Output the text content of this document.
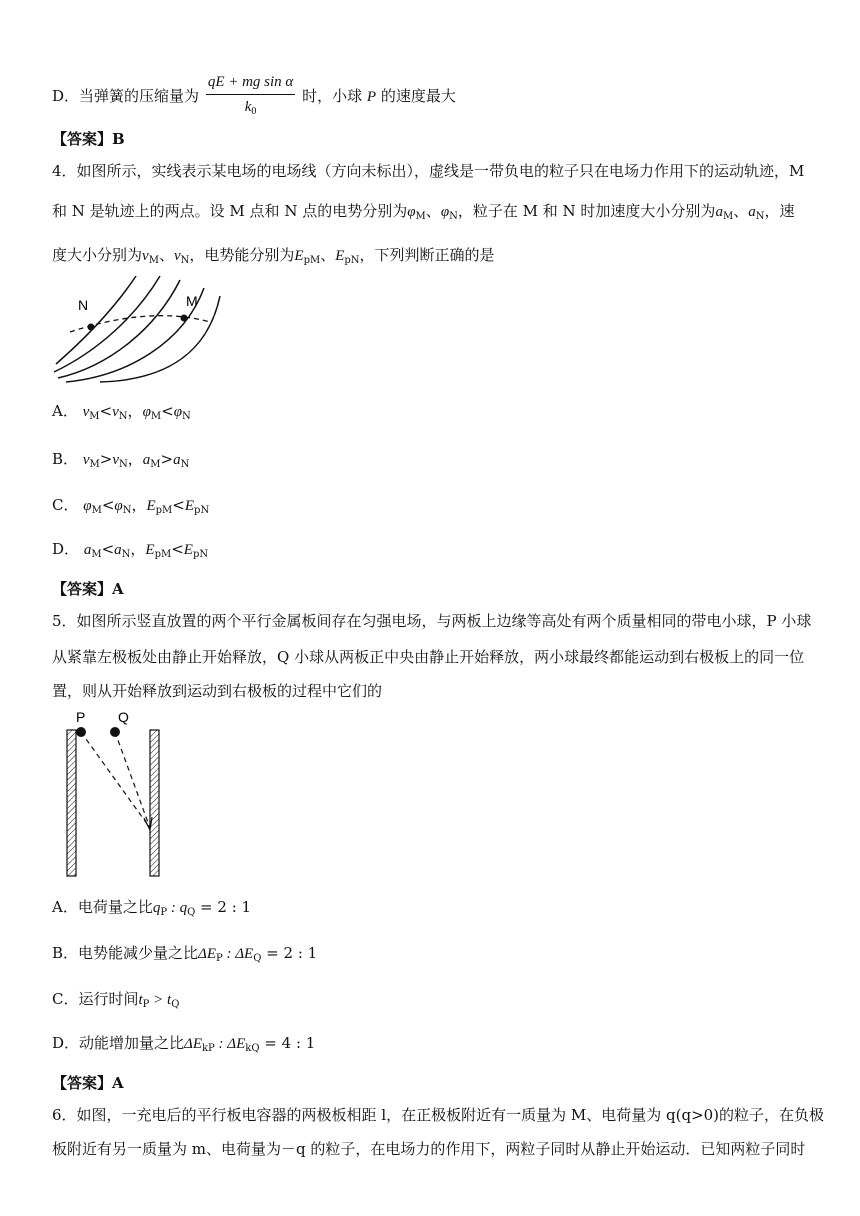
D．当弹簧的压缩量为 $\frac{\text{qE + mg sin α}}{k_0}$ 时，小球 P 的速度最大
【答案】B
4．如图所示，实线表示某电场的电场线（方向未标出），虚线是一带负电的粒子只在电场力作用下的运动轨迹，M
和 N 是轨迹上的两点。设 M 点和 N 点的电势分别为$\varphi_M$、$\varphi_N$，粒子在 M 和 N 时加速度大小分别为$a_M$、$a_N$，速
度大小分别为$v_M$、$v_N$，电势能分别为$E_{pM}$、$E_{pN}$，下列判断正确的是
N	M
A． $v_M<v_N$，$\varphi_M<\varphi_N$
B． $v_M>v_N$，$a_M>a_N$
C． $\varphi_M<\varphi_N$，$E_{pM}<E_{pN}$
D． $a_M<a_N$，$E_{pM}<E_{pN}$
【答案】A
5．如图所示竖直放置的两个平行金属板间存在匀强电场，与两板上边缘等高处有两个质量相同的带电小球，P 小球
从紧靠左极板处由静止开始释放，Q 小球从两板正中央由静止开始释放，两小球最终都能运动到右极板上的同一位
置，则从开始释放到运动到右极板的过程中它们的
P Q
A．电荷量之比$q_P$ : $q_Q = 2$ : 1
B．电势能减少量之比$\Delta E_P$ : $\Delta E_Q = 2$ : 1
C．运行时间$t_P > t_Q$
D．动能增加量之比$\Delta E_{kP}$ : $\Delta E_{kQ} = 4$ : 1
【答案】A
6．如图，一充电后的平行板电容器的两极板相距 l，在正极板附近有一质量为 M、电荷量为 q(q>0)的粒子，在负极
板附近有另一质量为 m、电荷量为－q 的粒子，在电场力的作用下，两粒子同时从静止开始运动．已知两粒子同时
